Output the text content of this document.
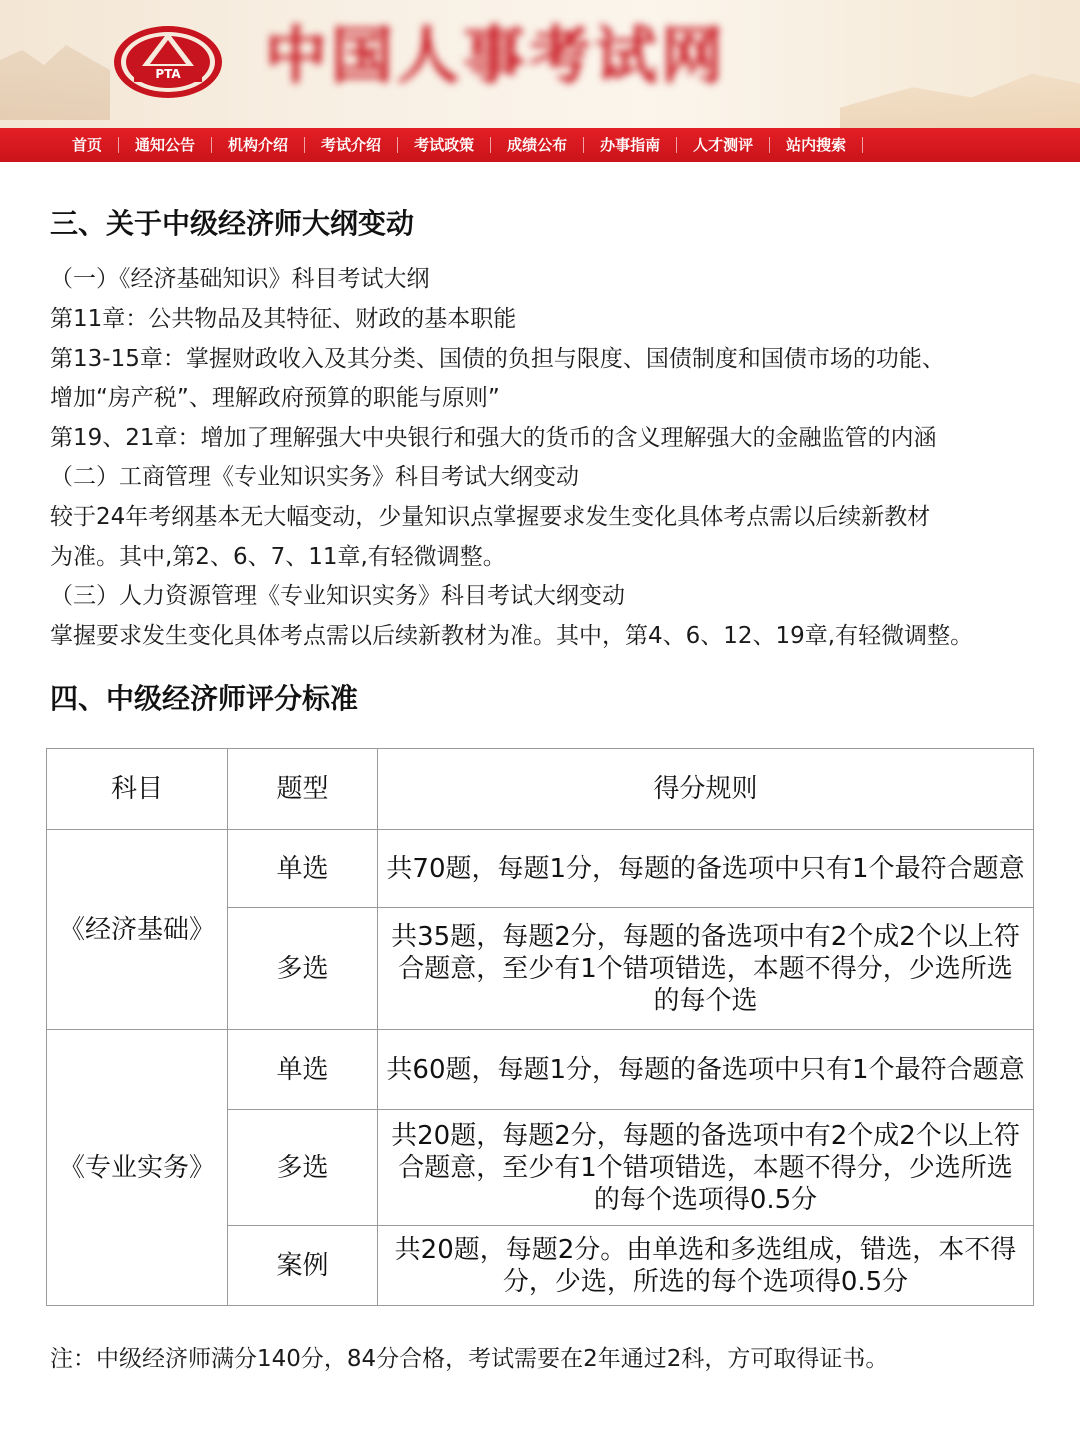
PTA 中国人事考试网
首页	通知公告	机构介绍	考试介绍	考试政策	成绩公布	办事指南	人才测评	站内搜索
三、关于中级经济师大纲变动
（一）《经济基础知识》科目考试大纲
第11章：公共物品及其特征、财政的基本职能
第13-15章：掌握财政收入及其分类、国债的负担与限度、国债制度和国债市场的功能、
增加“房产税”、理解政府预算的职能与原则”
第19、21章：增加了理解强大中央银行和强大的货币的含义理解强大的金融监管的内涵
（二）工商管理《专业知识实务》科目考试大纲变动
较于24年考纲基本无大幅变动，少量知识点掌握要求发生变化具体考点需以后续新教材
为准。其中,第2、6、7、11章,有轻微调整。
（三）人力资源管理《专业知识实务》科目考试大纲变动
掌握要求发生变化具体考点需以后续新教材为准。其中，第4、6、12、19章,有轻微调整。
四、中级经济师评分标准
科目	题型	得分规则
《经济基础》	单选	共70题，每题1分，每题的备选项中只有1个最符合题意
	多选	共35题，每题2分，每题的备选项中有2个成2个以上符合题意，至少有1个错项错选，本题不得分，少选所选的每个选
《专业实务》	单选	共60题，每题1分，每题的备选项中只有1个最符合题意
	多选	共20题，每题2分，每题的备选项中有2个成2个以上符合题意，至少有1个错项错选，本题不得分，少选所选的每个选项得0.5分
	案例	共20题，每题2分。由单选和多选组成，错选，本不得分，少选，所选的每个选项得0.5分
注：中级经济师满分140分，84分合格，考试需要在2年通过2科，方可取得证书。
